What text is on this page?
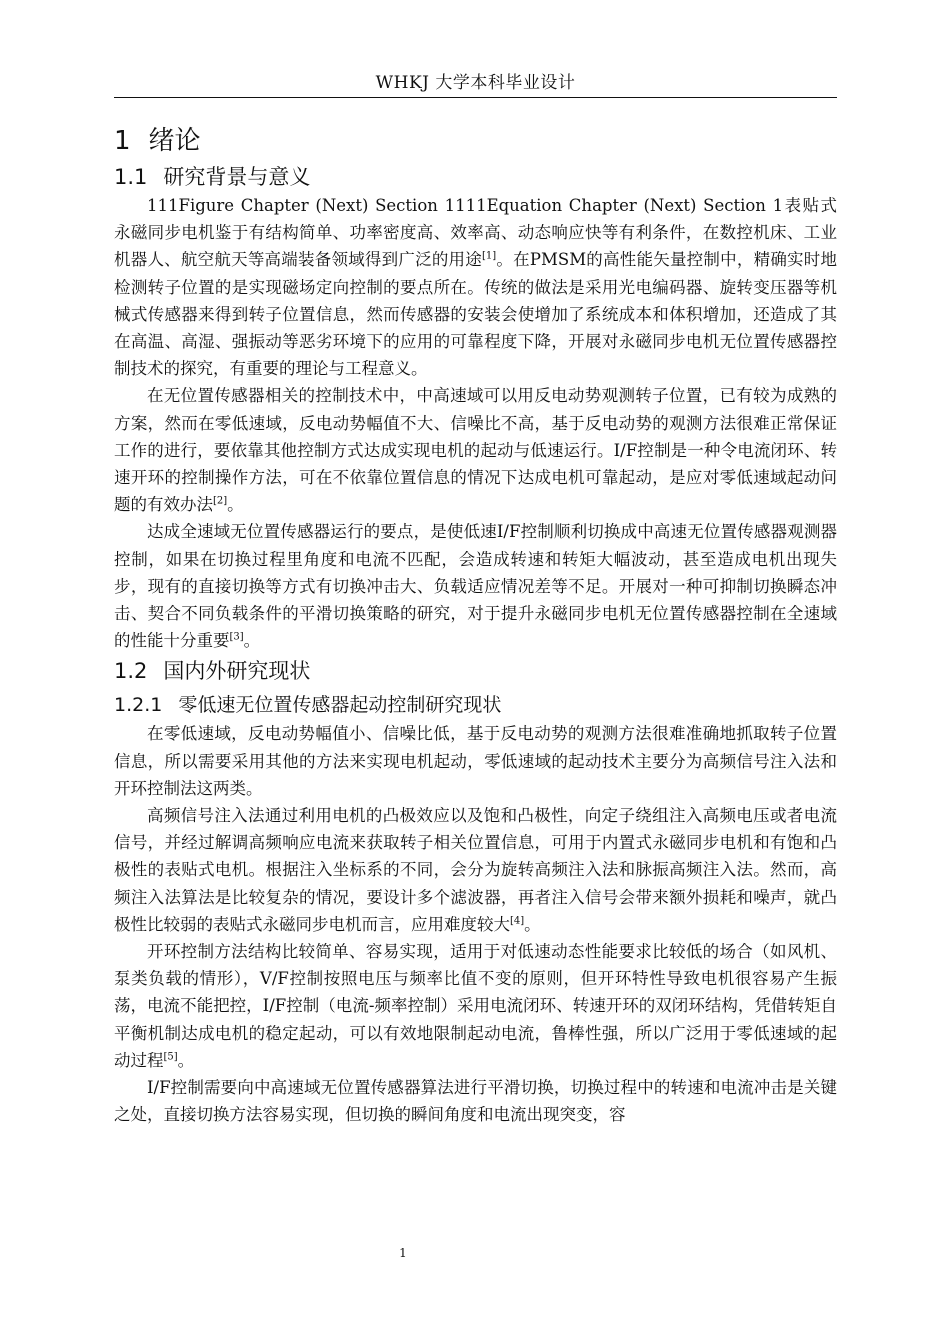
WHKJ 大学本科毕业设计
1 绪论
1.1 研究背景与意义

111Figure Chapter (Next) Section 1111Equation Chapter (Next) Section 1表贴式永磁同步电机鉴于有结构简单、功率密度高、效率高、动态响应快等有利条件，在数控机床、工业机器人、航空航天等高端装备领域得到广泛的用途[1]。在PMSM的高性能矢量控制中，精确实时地检测转子位置的是实现磁场定向控制的要点所在。传统的做法是采用光电编码器、旋转变压器等机械式传感器来得到转子位置信息，然而传感器的安装会使增加了系统成本和体积增加，还造成了其在高温、高湿、强振动等恶劣环境下的应用的可靠程度下降，开展对永磁同步电机无位置传感器控制技术的探究，有重要的理论与工程意义。

在无位置传感器相关的控制技术中，中高速域可以用反电动势观测转子位置，已有较为成熟的方案，然而在零低速域，反电动势幅值不大、信噪比不高，基于反电动势的观测方法很难正常保证工作的进行，要依靠其他控制方式达成实现电机的起动与低速运行。I/F控制是一种令电流闭环、转速开环的控制操作方法，可在不依靠位置信息的情况下达成电机可靠起动，是应对零低速域起动问题的有效办法[2]。

达成全速域无位置传感器运行的要点，是使低速I/F控制顺利切换成中高速无位置传感器观测器控制，如果在切换过程里角度和电流不匹配，会造成转速和转矩大幅波动，甚至造成电机出现失步，现有的直接切换等方式有切换冲击大、负载适应情况差等不足。开展对一种可抑制切换瞬态冲击、契合不同负载条件的平滑切换策略的研究，对于提升永磁同步电机无位置传感器控制在全速域的性能十分重要[3]。

1.2 国内外研究现状
1.2.1 零低速无位置传感器起动控制研究现状

在零低速域，反电动势幅值小、信噪比低，基于反电动势的观测方法很难准确地抓取转子位置信息，所以需要采用其他的方法来实现电机起动，零低速域的起动技术主要分为高频信号注入法和开环控制法这两类。

高频信号注入法通过利用电机的凸极效应以及饱和凸极性，向定子绕组注入高频电压或者电流信号，并经过解调高频响应电流来获取转子相关位置信息，可用于内置式永磁同步电机和有饱和凸极性的表贴式电机。根据注入坐标系的不同，会分为旋转高频注入法和脉振高频注入法。然而，高频注入法算法是比较复杂的情况，要设计多个滤波器，再者注入信号会带来额外损耗和噪声，就凸极性比较弱的表贴式永磁同步电机而言，应用难度较大[4]。

开环控制方法结构比较简单、容易实现，适用于对低速动态性能要求比较低的场合（如风机、泵类负载的情形），V/F控制按照电压与频率比值不变的原则，但开环特性导致电机很容易产生振荡，电流不能把控，I/F控制（电流-频率控制）采用电流闭环、转速开环的双闭环结构，凭借转矩自平衡机制达成电机的稳定起动，可以有效地限制起动电流，鲁棒性强，所以广泛用于零低速域的起动过程[5]。

I/F控制需要向中高速域无位置传感器算法进行平滑切换，切换过程中的转速和电流冲击是关键之处，直接切换方法容易实现，但切换的瞬间角度和电流出现突变，容

1
